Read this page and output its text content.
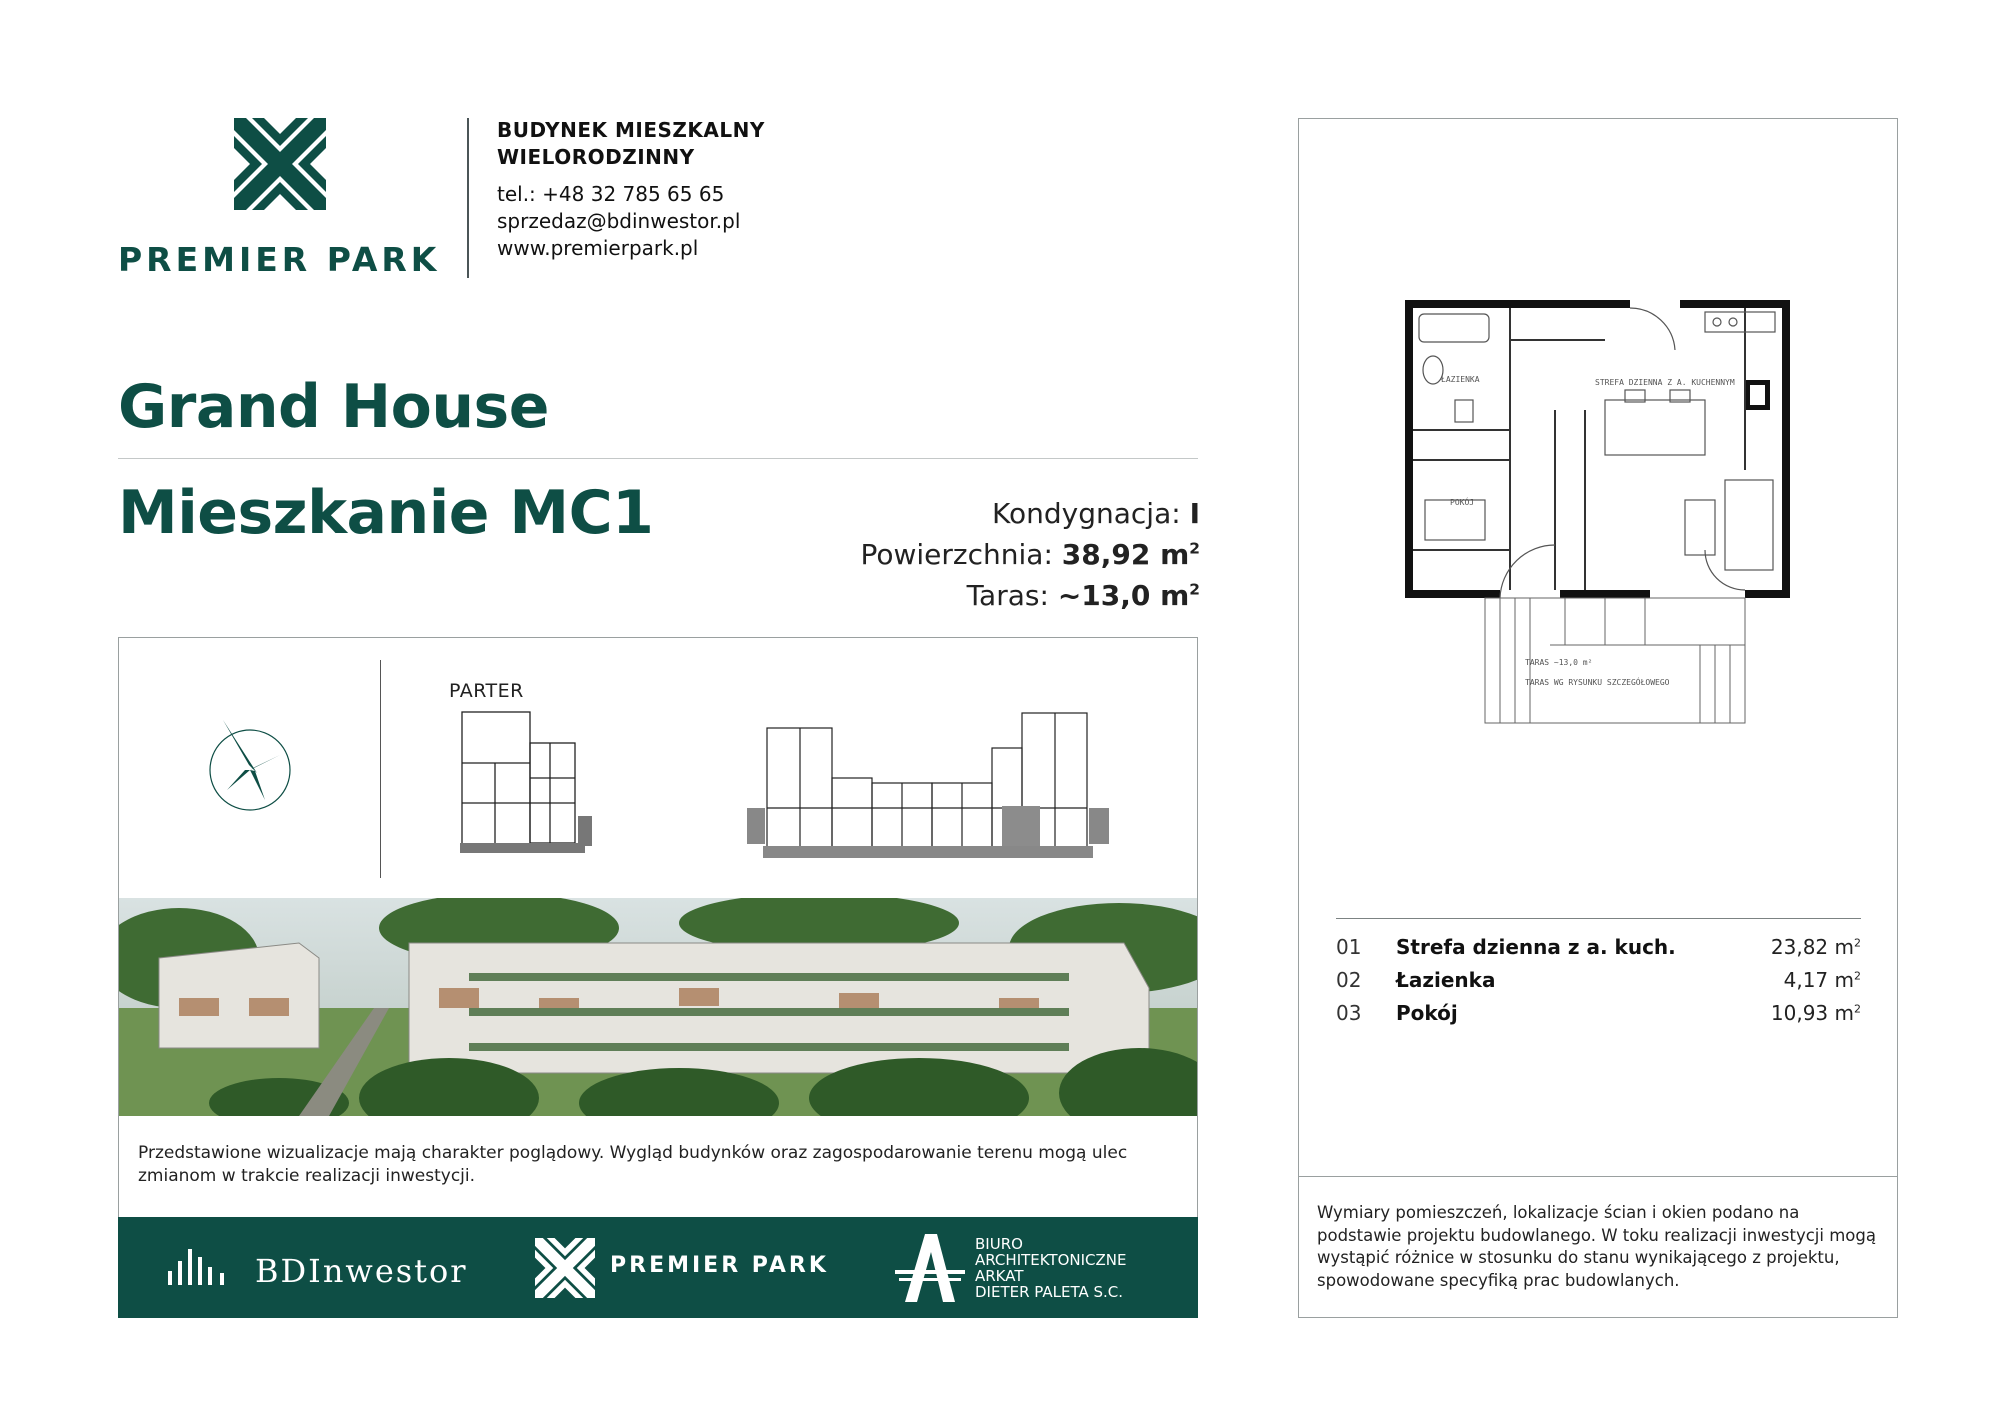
PREMIER PARK
BUDYNEK MIESZKALNY
WIELORODZINNY
tel.: +48 32 785 65 65
sprzedaz@bdinwestor.pl
www.premierpark.pl
Grand House
Mieszkanie MC1	Kondygnacja: I
Powierzchnia: 38,92 $m^2$
Taras: ~13,0 $m^2$
PARTER
Przedstawione wizualizacje mają charakter poglądowy. Wygląd budynków oraz zagospodarowanie terenu mogą ulec zmianom w trakcie realizacji inwestycji.
BDInwestor	PREMIER PARK
BIURO
ARCHITEKTONICZNE
ARKAT
DIETER PALETA S.C.
ŁAZIENKA	STREFA DZIENNA Z A. KUCHENNYM
POKÓJ
TARAS ~13,0 m²
TARAS WG RYSUNKU SZCZEGÓŁOWEGO
01	Strefa dzienna z a. kuch.	23,82 $m^2$
02	Łazienka	4,17 $m^2$
03	Pokój	10,93 $m^2$
Wymiary pomieszczeń, lokalizacje ścian i okien podano na podstawie projektu budowlanego. W toku realizacji inwestycji mogą wystąpić różnice w stosunku do stanu wynikającego z projektu, spowodowane specyfiką prac budowlanych.
